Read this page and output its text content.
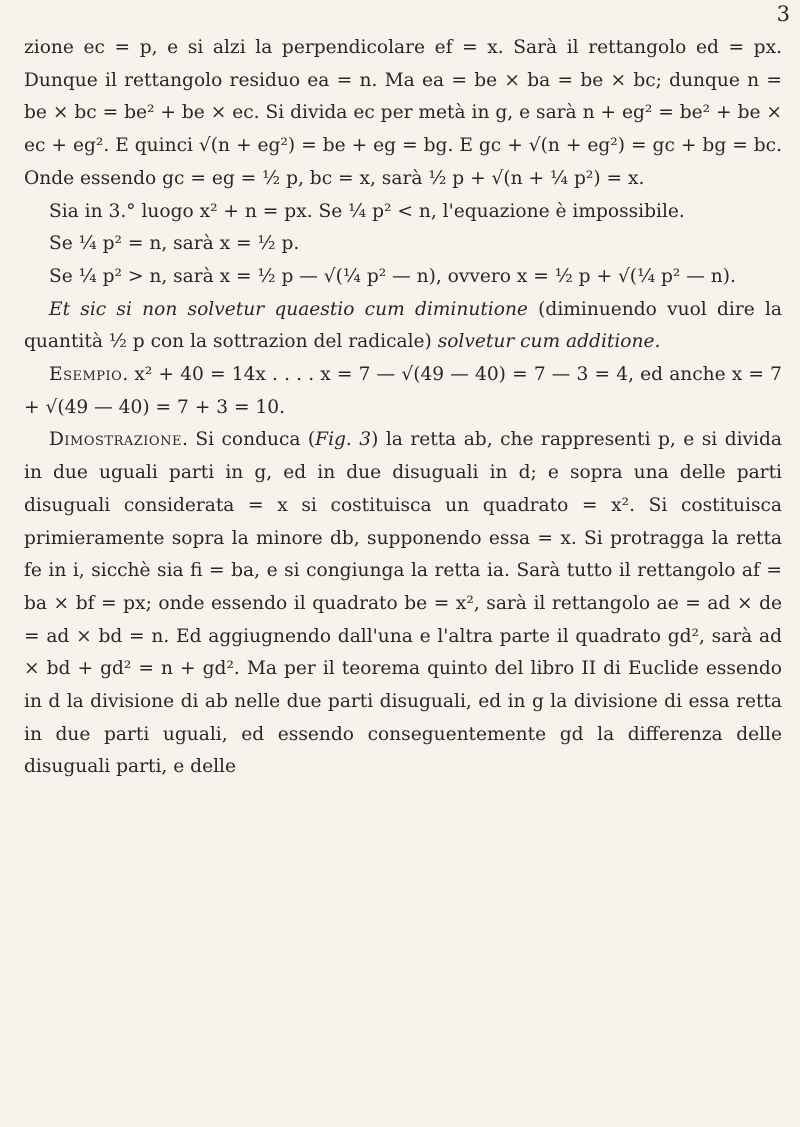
3

zione ec = p, e si alzi la perpendicolare ef = x. Sarà il rettangolo ed = px. Dunque il rettangolo residuo ea = n. Ma ea = be × ba = be × bc; dunque n = be × bc = be² + be × ec. Si divida ec per metà in g, e sarà n + eg² = be² + be × ec + eg². E quinci √(n + eg²) = be + eg = bg. E gc + √(n + eg²) = gc + bg = bc. Onde essendo gc = eg = ½ p, bc = x, sarà ½ p + √(n + ¼ p²) = x.

Sia in 3.° luogo x² + n = px. Se ¼ p² < n, l'equazione è impossibile.

Se ¼ p² = n, sarà x = ½ p.

Se ¼ p² > n, sarà x = ½ p — √(¼ p² — n), ovvero x = ½ p + √(¼ p² — n).

Et sic si non solvetur quaestio cum diminutione (diminuendo vuol dire la quantità ½ p con la sottrazion del radicale) solvetur cum additione.

Esempio. x² + 40 = 14x . . . . x = 7 — √(49 — 40) = 7 — 3 = 4, ed anche x = 7 + √(49 — 40) = 7 + 3 = 10.

Dimostrazione. Si conduca (Fig. 3) la retta ab, che rappresenti p, e si divida in due uguali parti in g, ed in due disuguali in d; e sopra una delle parti disuguali considerata = x si costituisca un quadrato = x². Si costituisca primieramente sopra la minore db, supponendo essa = x. Si protragga la retta fe in i, sicchè sia fi = ba, e si congiunga la retta ia. Sarà tutto il rettangolo af = ba × bf = px; onde essendo il quadrato be = x², sarà il rettangolo ae = ad × de = ad × bd = n. Ed aggiugnendo dall'una e l'altra parte il quadrato gd², sarà ad × bd + gd² = n + gd². Ma per il teorema quinto del libro II di Euclide essendo in d la divisione di ab nelle due parti disuguali, ed in g la divisione di essa retta in due parti uguali, ed essendo conseguentemente gd la differenza delle disuguali parti, e delle
